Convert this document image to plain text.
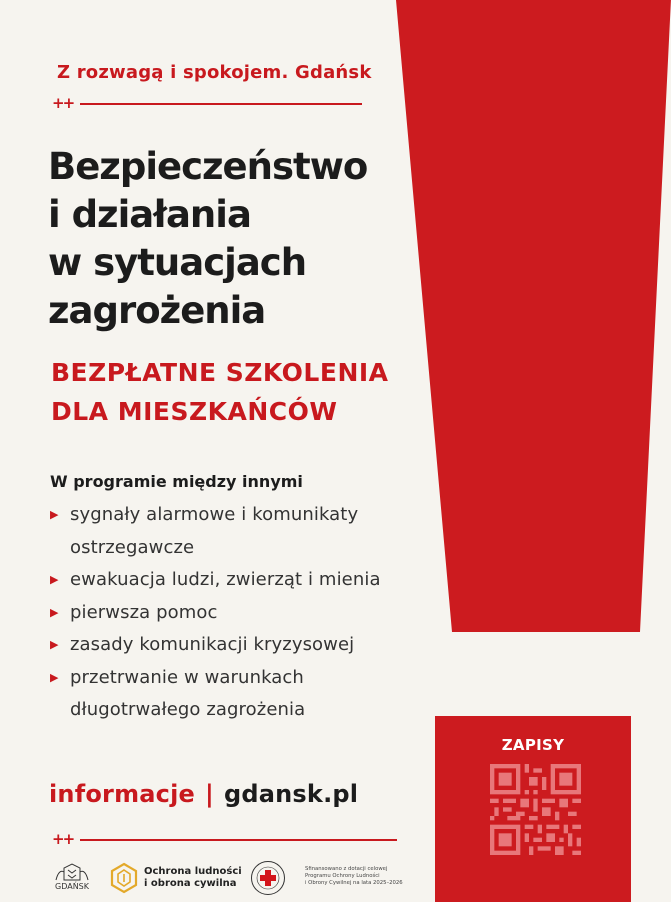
Z rozwagą i spokojem. Gdańsk
++
Bezpieczeństwo
i działania
w sytuacjach
zagrożenia
BEZPŁATNE SZKOLENIA
DLA MIESZKAŃCÓW
W programie między innymi
▶ sygnały alarmowe i komunikaty
ostrzegawcze
▶ ewakuacja ludzi, zwierząt i mienia
▶ pierwsza pomoc
▶ zasady komunikacji kryzysowej
▶ przetrwanie w warunkach
długotrwałego zagrożenia
informacje | gdansk.pl
++
ZAPISY
GDAŃSK
Ochrona ludności
i obrona cywilna
Sfinansowano z dotacji celowej
Programu Ochrony Ludności
i Obrony Cywilnej na lata 2025–2026
